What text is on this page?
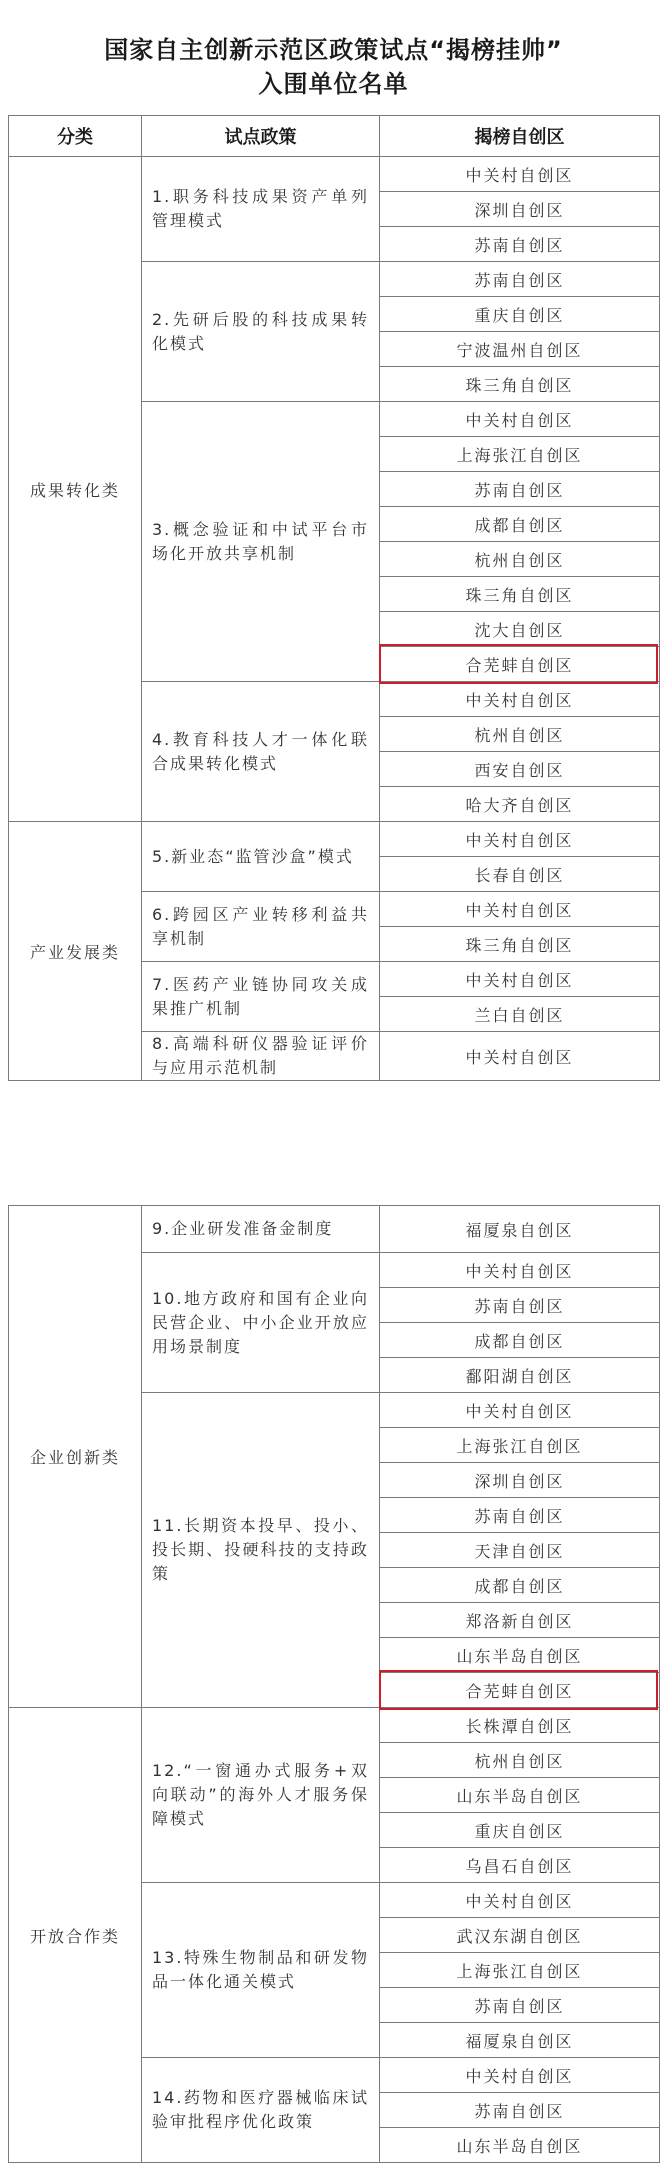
国家自主创新示范区政策试点“揭榜挂帅”
入围单位名单
分类	试点政策	揭榜自创区
成果转化类	1.职务科技成果资产单列管理模式	中关村自创区
		深圳自创区
		苏南自创区
	2.先研后股的科技成果转化模式	苏南自创区
		重庆自创区
		宁波温州自创区
		珠三角自创区
	3.概念验证和中试平台市场化开放共享机制	中关村自创区
		上海张江自创区
		苏南自创区
		成都自创区
		杭州自创区
		珠三角自创区
		沈大自创区
		合芜蚌自创区
	4.教育科技人才一体化联合成果转化模式	中关村自创区
		杭州自创区
		西安自创区
		哈大齐自创区
产业发展类	5.新业态“监管沙盒”模式	中关村自创区
		长春自创区
	6.跨园区产业转移利益共享机制	中关村自创区
		珠三角自创区
	7.医药产业链协同攻关成果推广机制	中关村自创区
		兰白自创区
	8.高端科研仪器验证评价与应用示范机制	中关村自创区
企业创新类	9.企业研发准备金制度	福厦泉自创区
	10.地方政府和国有企业向民营企业、中小企业开放应用场景制度	中关村自创区
		苏南自创区
		成都自创区
		鄱阳湖自创区
	11.长期资本投早、投小、投长期、投硬科技的支持政策	中关村自创区
		上海张江自创区
		深圳自创区
		苏南自创区
		天津自创区
		成都自创区
		郑洛新自创区
		山东半岛自创区
		合芜蚌自创区
开放合作类	12.“一窗通办式服务+双向联动”的海外人才服务保障模式	长株潭自创区
		杭州自创区
		山东半岛自创区
		重庆自创区
		乌昌石自创区
	13.特殊生物制品和研发物品一体化通关模式	中关村自创区
		武汉东湖自创区
		上海张江自创区
		苏南自创区
		福厦泉自创区
	14.药物和医疗器械临床试验审批程序优化政策	中关村自创区
		苏南自创区
		山东半岛自创区
